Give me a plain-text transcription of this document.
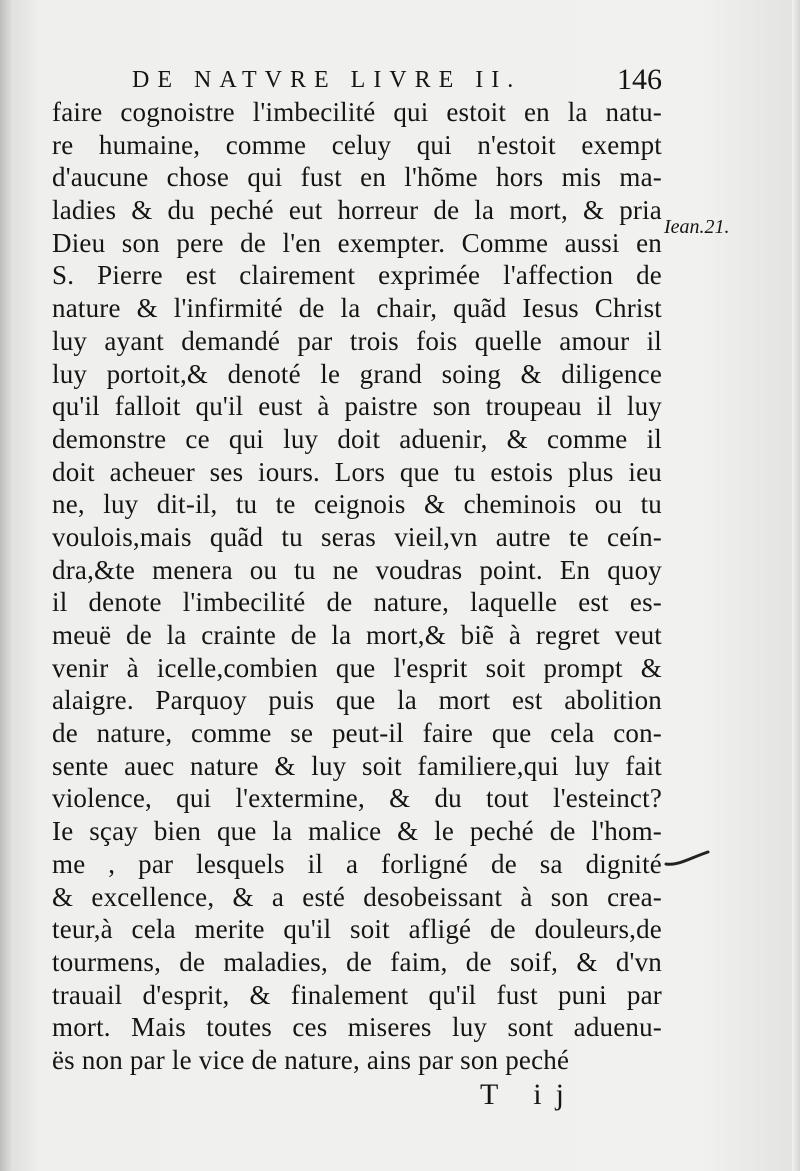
DE NATVRE LIVRE II.	146
faire cognoistre l'imbecilité qui estoit en la natu-
re humaine, comme celuy qui n'estoit exempt
d'aucune chose qui fust en l'hõme hors mis ma-
ladies & du peché eut horreur de la mort, & pria
Dieu son pere de l'en exempter. Comme aussi en
S. Pierre est clairement exprimée l'affection de
nature & l'infirmité de la chair, quãd Iesus Christ
luy ayant demandé par trois fois quelle amour il
luy portoit,& denoté le grand soing & diligence
qu'il falloit qu'il eust à paistre son troupeau il luy
demonstre ce qui luy doit aduenir, & comme il
doit acheuer ses iours. Lors que tu estois plus ieu
ne, luy dit-il, tu te ceignois & cheminois ou tu
voulois,mais quãd tu seras vieil,vn autre te ceín-
dra,&te menera ou tu ne voudras point. En quoy
il denote l'imbecilité de nature, laquelle est es-
meuë de la crainte de la mort,& biẽ à regret veut
venir à icelle,combien que l'esprit soit prompt &
alaigre. Parquoy puis que la mort est abolition
de nature, comme se peut-il faire que cela con-
sente auec nature & luy soit familiere,qui luy fait
violence, qui l'extermine, & du tout l'esteinct?
Ie sçay bien que la malice & le peché de l'hom-
me , par lesquels il a forligné de sa dignité
& excellence, & a esté desobeissant à son crea-
teur,à cela merite qu'il soit afligé de douleurs,de
tourmens, de maladies, de faim, de soif, & d'vn
trauail d'esprit, & finalement qu'il fust puni par
mort. Mais toutes ces miseres luy sont aduenu-
ës non par le vice de nature, ains par son peché
Iean.21.
T ij
